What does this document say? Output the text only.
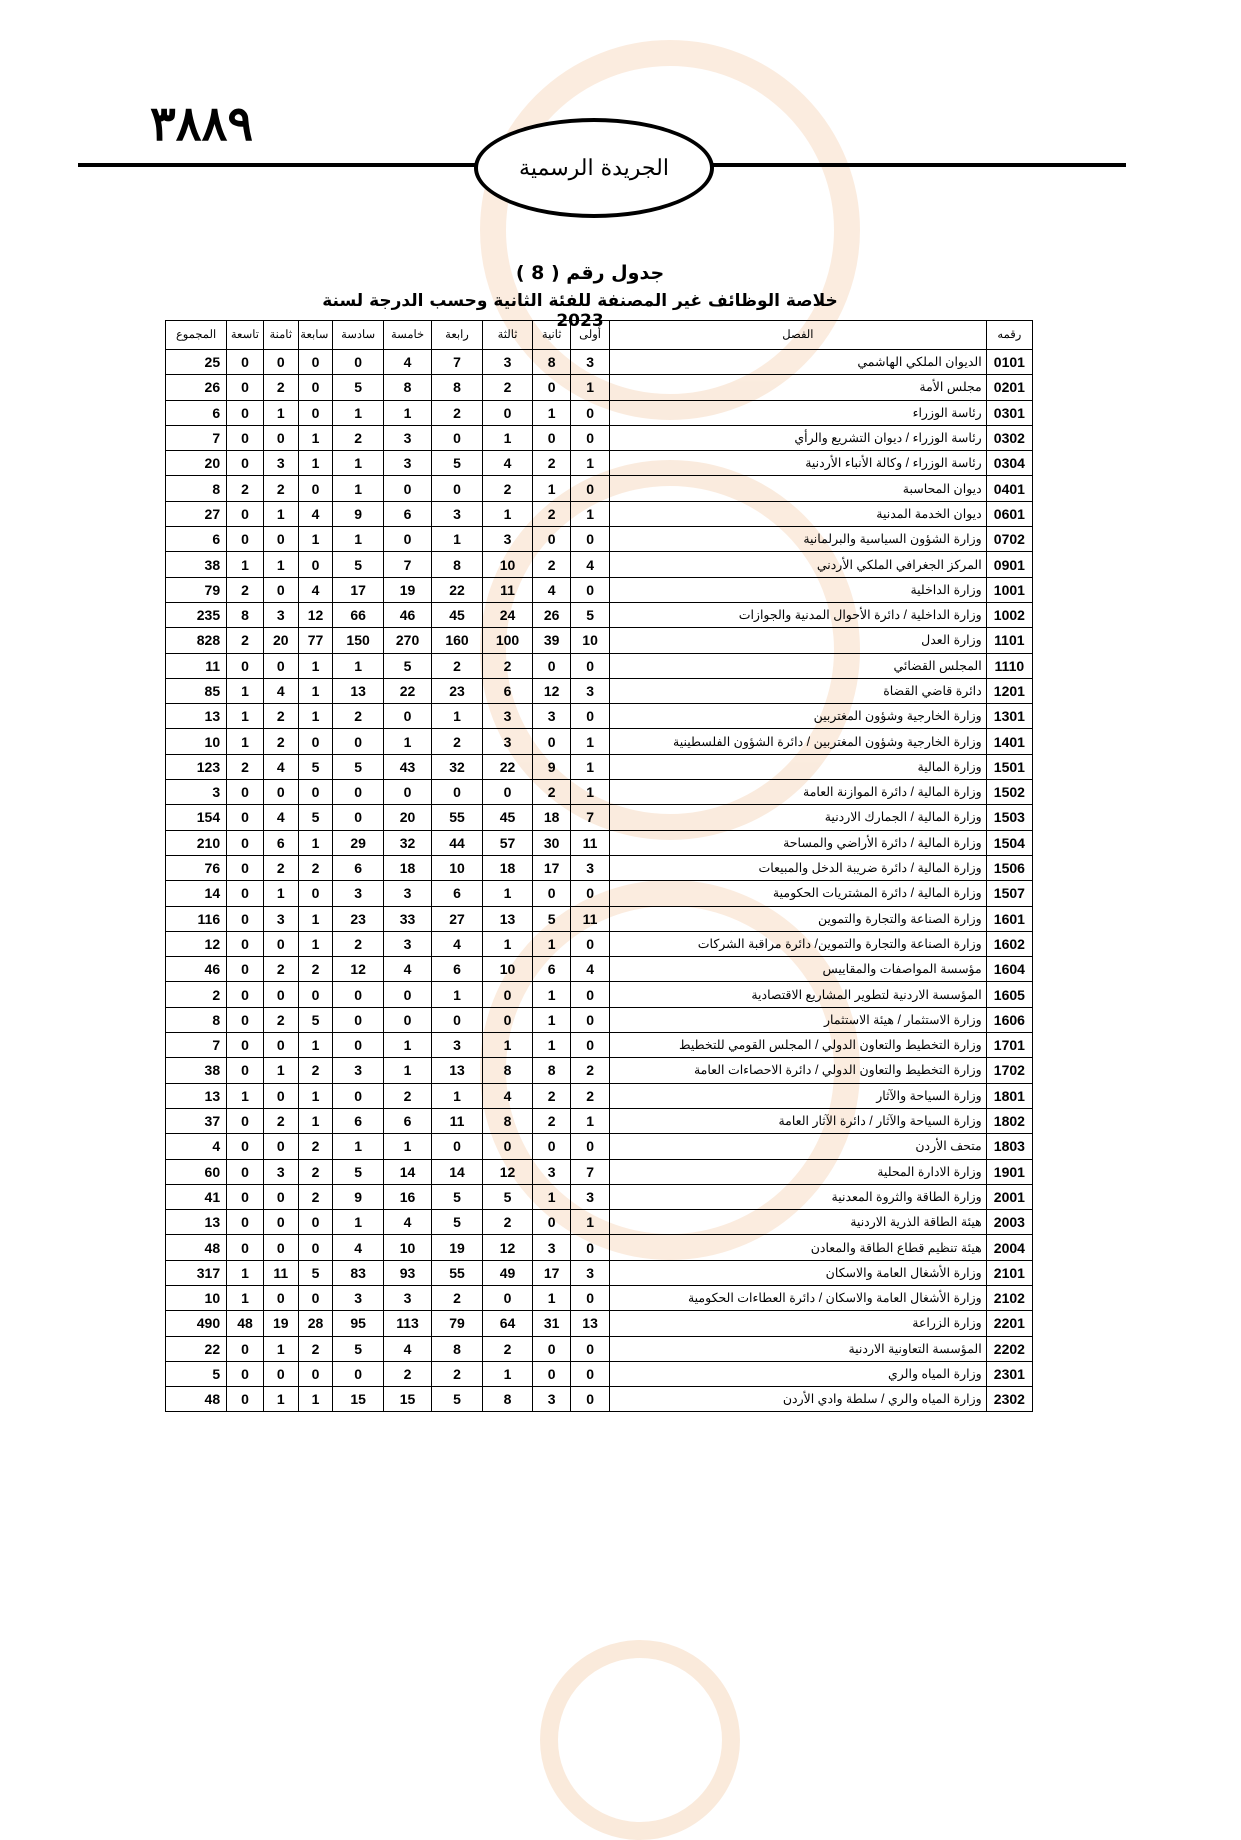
٣٨٨٩
الجريدة الرسمية
جدول رقم ( 8 )
خلاصة الوظائف غير المصنفة للفئة الثانية وحسب الدرجة لسنة 2023
رقمه	الفصل	أولى	ثانية	ثالثة	رابعة	خامسة	سادسة	سابعة	ثامنة	تاسعة	المجموع
0101	الديوان الملكي الهاشمي	3	8	3	7	4	0	0	0	0	25
0201	مجلس الأمة	1	0	2	8	8	5	0	2	0	26
0301	رئاسة الوزراء	0	1	0	2	1	1	0	1	0	6
0302	رئاسة الوزراء / ديوان التشريع والرأي	0	0	1	0	3	2	1	0	0	7
0304	رئاسة الوزراء / وكالة الأنباء الأردنية	1	2	4	5	3	1	1	3	0	20
0401	ديوان المحاسبة	0	1	2	0	0	1	0	2	2	8
0601	ديوان الخدمة المدنية	1	2	1	3	6	9	4	1	0	27
0702	وزارة الشؤون السياسية والبرلمانية	0	0	3	1	0	1	1	0	0	6
0901	المركز الجغرافي الملكي الأردني	4	2	10	8	7	5	0	1	1	38
1001	وزارة الداخلية	0	4	11	22	19	17	4	0	2	79
1002	وزارة الداخلية / دائرة الأحوال المدنية والجوازات	5	26	24	45	46	66	12	3	8	235
1101	وزارة العدل	10	39	100	160	270	150	77	20	2	828
1110	المجلس القضائي	0	0	2	2	5	1	1	0	0	11
1201	دائرة قاضي القضاة	3	12	6	23	22	13	1	4	1	85
1301	وزارة الخارجية وشؤون المغتربين	0	3	3	1	0	2	1	2	1	13
1401	وزارة الخارجية وشؤون المغتربين / دائرة الشؤون الفلسطينية	1	0	3	2	1	0	0	2	1	10
1501	وزارة المالية	1	9	22	32	43	5	5	4	2	123
1502	وزارة المالية / دائرة الموازنة العامة	1	2	0	0	0	0	0	0	0	3
1503	وزارة المالية / الجمارك الاردنية	7	18	45	55	20	0	5	4	0	154
1504	وزارة المالية / دائرة الأراضي والمساحة	11	30	57	44	32	29	1	6	0	210
1506	وزارة المالية / دائرة ضريبة الدخل والمبيعات	3	17	18	10	18	6	2	2	0	76
1507	وزارة المالية / دائرة المشتريات الحكومية	0	0	1	6	3	3	0	1	0	14
1601	وزارة الصناعة والتجارة والتموين	11	5	13	27	33	23	1	3	0	116
1602	وزارة الصناعة والتجارة والتموين/ دائرة مراقبة الشركات	0	1	1	4	3	2	1	0	0	12
1604	مؤسسة المواصفات والمقاييس	4	6	10	6	4	12	2	2	0	46
1605	المؤسسة الاردنية لتطوير المشاريع الاقتصادية	0	1	0	1	0	0	0	0	0	2
1606	وزارة الاستثمار / هيئة الاستثمار	0	1	0	0	0	0	5	2	0	8
1701	وزارة التخطيط والتعاون الدولي / المجلس القومي للتخطيط	0	1	1	3	1	0	1	0	0	7
1702	وزارة التخطيط والتعاون الدولي / دائرة الاحصاءات العامة	2	8	8	13	1	3	2	1	0	38
1801	وزارة السياحة والآثار	2	2	4	1	2	0	1	0	1	13
1802	وزارة السياحة والآثار / دائرة الآثار العامة	1	2	8	11	6	6	1	2	0	37
1803	متحف الأردن	0	0	0	0	1	1	2	0	0	4
1901	وزارة الادارة المحلية	7	3	12	14	14	5	2	3	0	60
2001	وزارة الطاقة والثروة المعدنية	3	1	5	5	16	9	2	0	0	41
2003	هيئة الطاقة الذرية الاردنية	1	0	2	5	4	1	0	0	0	13
2004	هيئة تنظيم قطاع الطاقة والمعادن	0	3	12	19	10	4	0	0	0	48
2101	وزارة الأشغال العامة والاسكان	3	17	49	55	93	83	5	11	1	317
2102	وزارة الأشغال العامة والاسكان / دائرة العطاءات الحكومية	0	1	0	2	3	3	0	0	1	10
2201	وزارة الزراعة	13	31	64	79	113	95	28	19	48	490
2202	المؤسسة التعاونية الاردنية	0	0	2	8	4	5	2	1	0	22
2301	وزارة المياه والري	0	0	1	2	2	0	0	0	0	5
2302	وزارة المياه والري / سلطة وادي الأردن	0	3	8	5	15	15	1	1	0	48
